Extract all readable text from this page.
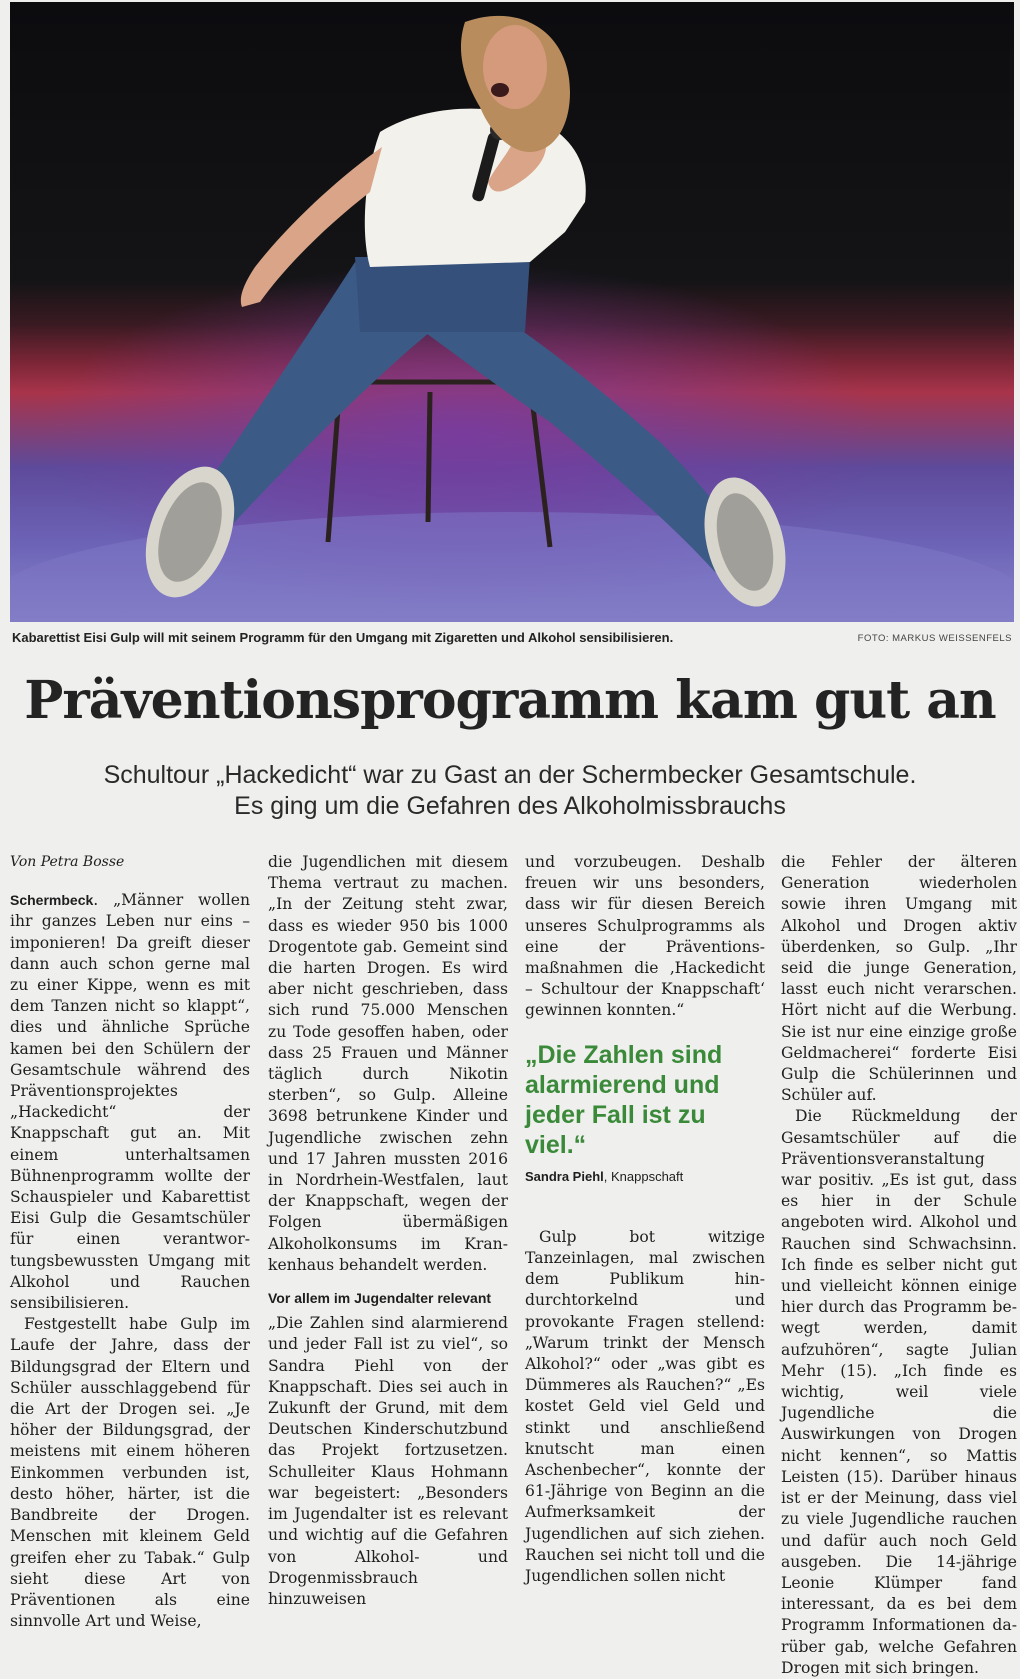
Kabarettist Eisi Gulp will mit seinem Programm für den Umgang mit Zigaretten und Alkohol sensibilisieren.	FOTO: MARKUS WEISSENFELS
Präventionsprogramm kam gut an
Schultour „Hackedicht“ war zu Gast an der Schermbecker Gesamtschule.
Es ging um die Gefahren des Alkoholmissbrauchs

Von Petra Bosse

Schermbeck. „Männer wollen ihr ganzes Leben nur eins – imponieren! Da greift dieser dann auch schon gerne mal zu einer Kippe, wenn es mit dem Tanzen nicht so klappt“, dies und ähnliche Sprüche kamen bei den Schülern der Gesamtschule während des Präventionsprojektes „Hackedicht“ der Knappschaft gut an. Mit einem unterhaltsamen Bühnenprogramm wollte der Schauspieler und Kabarettist Eisi Gulp die Gesamtschüler für einen verantwortungsbewussten Umgang mit Alkohol und Rauchen sensibilisieren.

Festgestellt habe Gulp im Laufe der Jahre, dass der Bildungsgrad der Eltern und Schüler ausschlaggebend für die Art der Drogen sei. „Je höher der Bildungsgrad, der meistens mit einem höheren Einkommen verbunden ist, desto höher, härter, ist die Bandbreite der Drogen. Menschen mit kleinem Geld greifen eher zu Tabak.“ Gulp sieht diese Art von Präventionen als eine sinnvolle Art und Weise,

die Jugendlichen mit diesem Thema vertraut zu machen. „In der Zeitung steht zwar, dass es wieder 950 bis 1000 Drogentote gab. Gemeint sind die harten Drogen. Es wird aber nicht geschrieben, dass sich rund 75.000 Menschen zu Tode gesoffen haben, oder dass 25 Frauen und Männer täglich durch Nikotin sterben“, so Gulp. Alleine 3698 betrunkene Kinder und Jugendliche zwischen zehn und 17 Jahren mussten 2016 in Nordrhein-Westfalen, laut der Knappschaft, wegen der Folgen übermäßigen Alkoholkonsums im Krankenhaus behandelt werden.

Vor allem im Jugendalter relevant

„Die Zahlen sind alarmierend und jeder Fall ist zu viel“, so Sandra Piehl von der Knappschaft. Dies sei auch in Zukunft der Grund, mit dem Deutschen Kinderschutzbund das Projekt fortzusetzen. Schulleiter Klaus Hohmann war begeistert: „Besonders im Jugendalter ist es relevant und wichtig auf die Gefahren von Alkohol- und Drogenmissbrauch hinzuweisen

und vorzubeugen. Deshalb freuen wir uns besonders, dass wir für diesen Bereich unseres Schulprogramms als eine der Präventionsmaßnahmen die ‚Hackedicht – Schultour der Knappschaft‘ gewinnen konnten.“

„Die Zahlen sind alarmierend und jeder Fall ist zu viel.“

Sandra Piehl, Knappschaft

Gulp bot witzige Tanzeinlagen, mal zwischen dem Publikum hindurchtorkelnd und provokante Fragen stellend: „Warum trinkt der Mensch Alkohol?“ oder „was gibt es Dümmeres als Rauchen?“ „Es kostet Geld viel Geld und stinkt und anschließend knutscht man einen Aschenbecher“, konnte der 61-Jährige von Beginn an die Aufmerksamkeit der Jugendlichen auf sich ziehen. Rauchen sei nicht toll und die Jugendlichen sollen nicht

die Fehler der älteren Generation wiederholen sowie ihren Umgang mit Alkohol und Drogen aktiv überdenken, so Gulp. „Ihr seid die junge Generation, lasst euch nicht verarschen. Hört nicht auf die Werbung. Sie ist nur eine einzige große Geldmacherei“ forderte Eisi Gulp die Schülerinnen und Schüler auf.

Die Rückmeldung der Gesamtschüler auf die Präventionsveranstaltung war positiv. „Es ist gut, dass es hier in der Schule angeboten wird. Alkohol und Rauchen sind Schwachsinn. Ich finde es selber nicht gut und vielleicht können einige hier durch das Programm bewegt werden, damit aufzuhören“, sagte Julian Mehr (15). „Ich finde es wichtig, weil viele Jugendliche die Auswirkungen von Drogen nicht kennen“, so Mattis Leisten (15). Darüber hinaus ist er der Meinung, dass viel zu viele Jugendliche rauchen und dafür auch noch Geld ausgeben. Die 14-jährige Leonie Klümper fand interessant, da es bei dem Programm Informationen darüber gab, welche Gefahren Drogen mit sich bringen.
